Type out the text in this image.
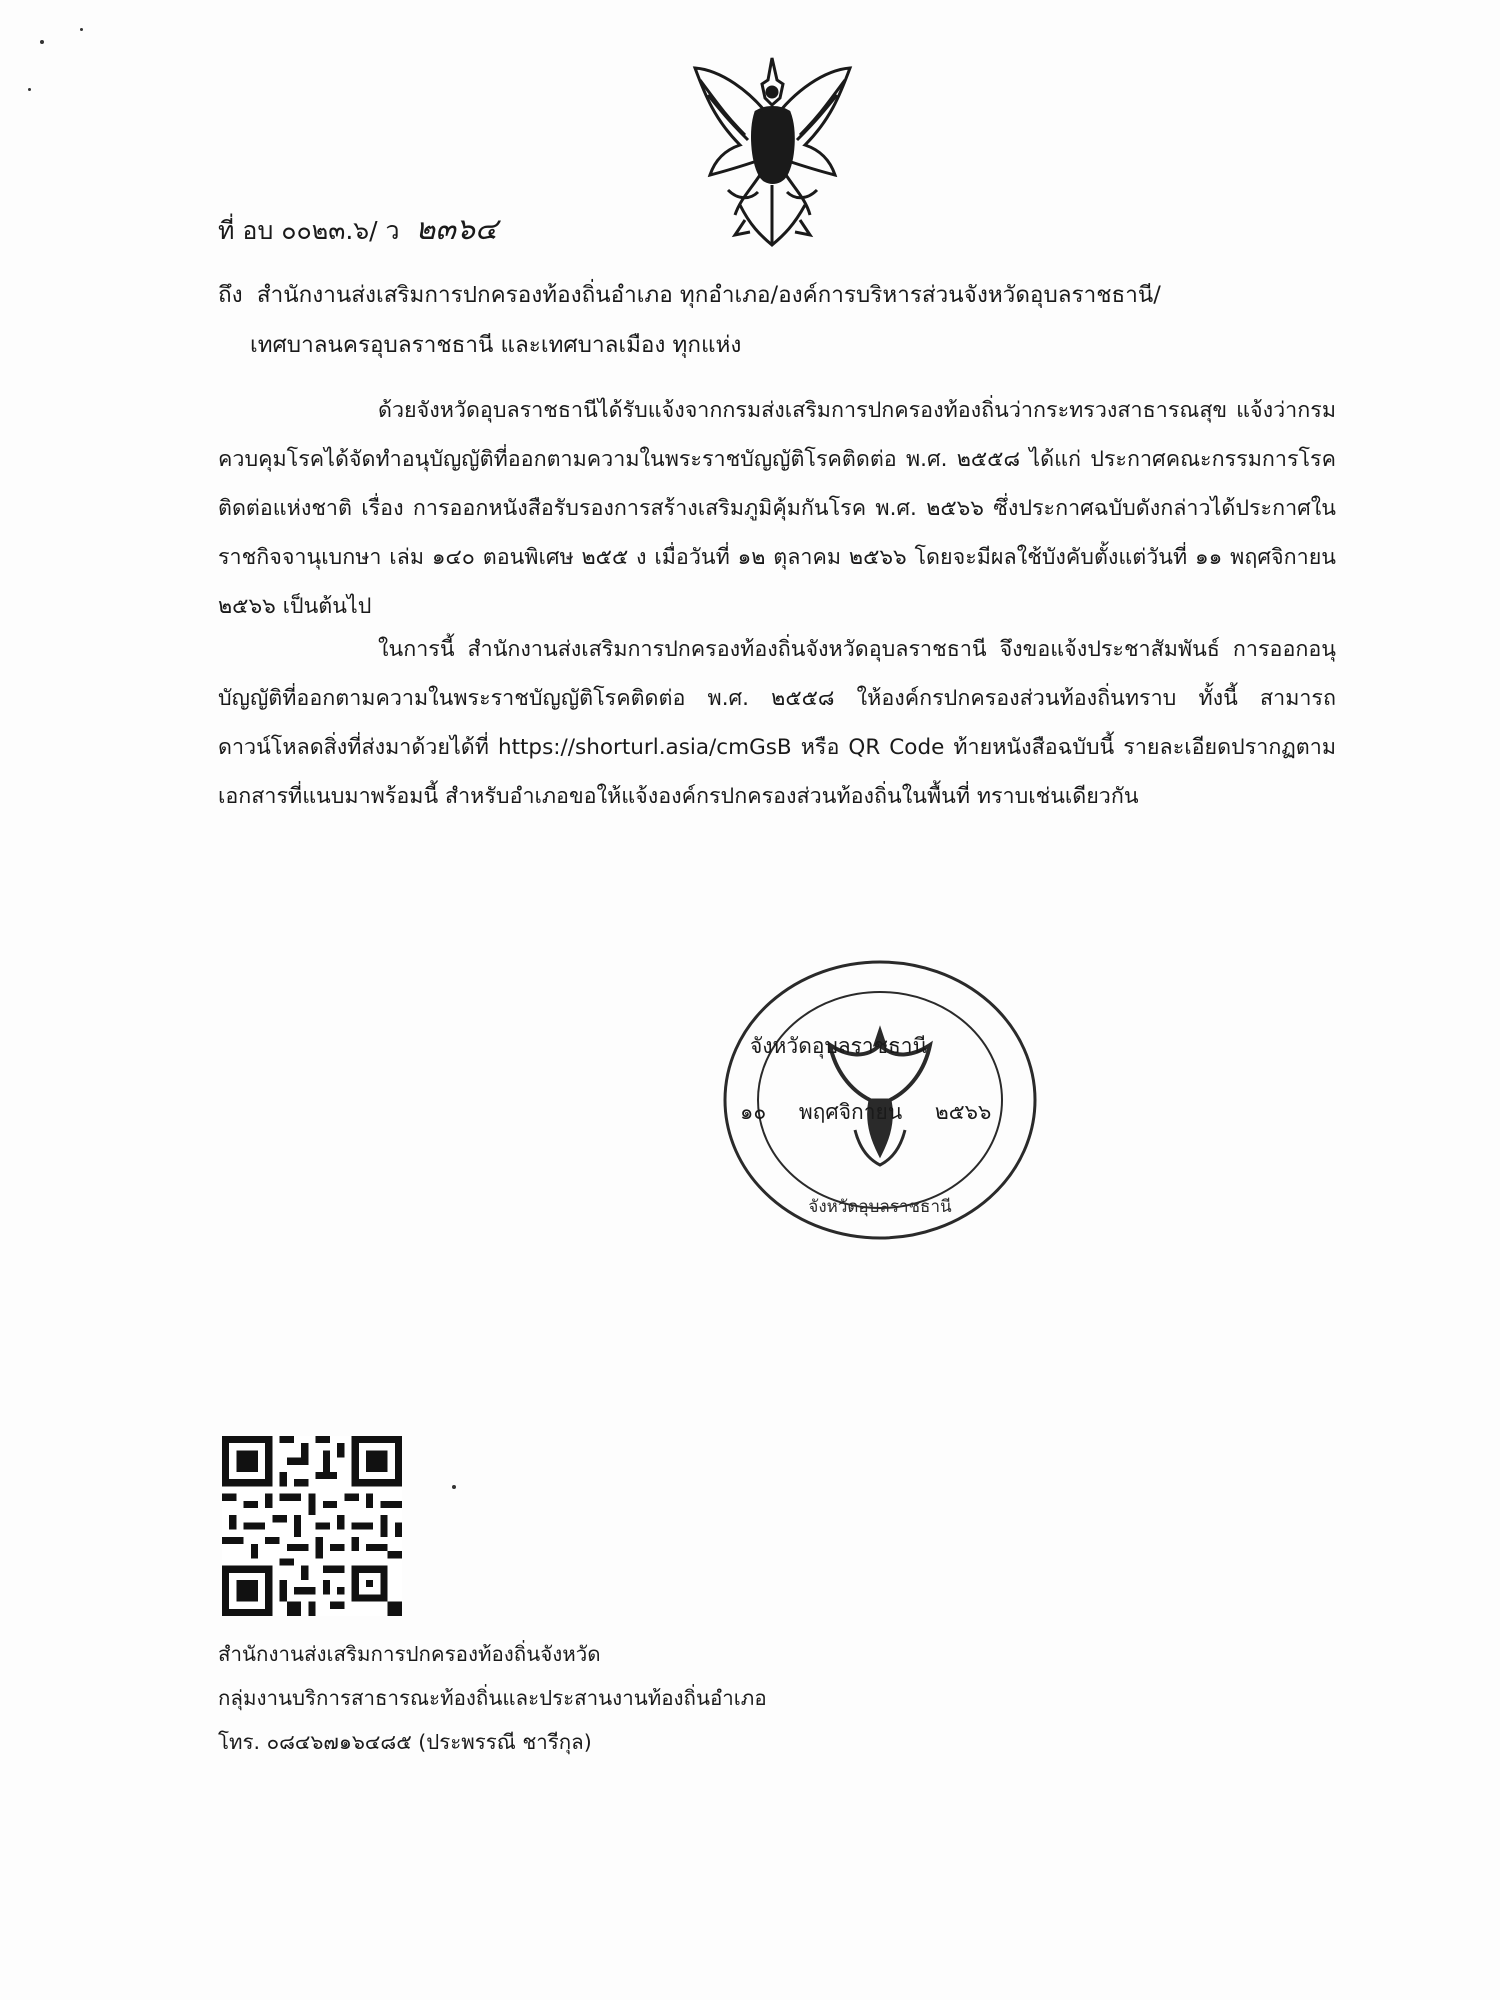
ที่ อบ ๐๐๒๓.๖/ ว ๒๓๖๔
ถึง สำนักงานส่งเสริมการปกครองท้องถิ่นอำเภอ ทุกอำเภอ/องค์การบริหารส่วนจังหวัดอุบลราชธานี/
เทศบาลนครอุบลราชธานี และเทศบาลเมือง ทุกแห่ง

ด้วยจังหวัดอุบลราชธานีได้รับแจ้งจากกรมส่งเสริมการปกครองท้องถิ่นว่ากระทรวงสาธารณสุข แจ้งว่ากรมควบคุมโรคได้จัดทำอนุบัญญัติที่ออกตามความในพระราชบัญญัติโรคติดต่อ พ.ศ. ๒๕๕๘ ได้แก่ ประกาศคณะกรรมการโรคติดต่อแห่งชาติ เรื่อง การออกหนังสือรับรองการสร้างเสริมภูมิคุ้มกันโรค พ.ศ. ๒๕๖๖ ซึ่งประกาศฉบับดังกล่าวได้ประกาศในราชกิจจานุเบกษา เล่ม ๑๔๐ ตอนพิเศษ ๒๕๕ ง เมื่อวันที่ ๑๒ ตุลาคม ๒๕๖๖ โดยจะมีผลใช้บังคับตั้งแต่วันที่ ๑๑ พฤศจิกายน ๒๕๖๖ เป็นต้นไป

ในการนี้ สำนักงานส่งเสริมการปกครองท้องถิ่นจังหวัดอุบลราชธานี จึงขอแจ้งประชาสัมพันธ์ การออกอนุบัญญัติที่ออกตามความในพระราชบัญญัติโรคติดต่อ พ.ศ. ๒๕๕๘ ให้องค์กรปกครองส่วนท้องถิ่นทราบ ทั้งนี้ สามารถดาวน์โหลดสิ่งที่ส่งมาด้วยได้ที่ https://shorturl.asia/cmGsB หรือ QR Code ท้ายหนังสือฉบับนี้ รายละเอียดปรากฏตามเอกสารที่แนบมาพร้อมนี้ สำหรับอำเภอขอให้แจ้งองค์กรปกครองส่วนท้องถิ่นในพื้นที่ ทราบเช่นเดียวกัน

จังหวัดอุบลราชธานี
จังหวัดอุบลราชธานี
๑๐ พฤศจิกายน ๒๕๖๖
สำนักงานส่งเสริมการปกครองท้องถิ่นจังหวัด
กลุ่มงานบริการสาธารณะท้องถิ่นและประสานงานท้องถิ่นอำเภอ
โทร. ๐๘๔๖๗๑๖๔๘๕ (ประพรรณี ชารีกุล)
